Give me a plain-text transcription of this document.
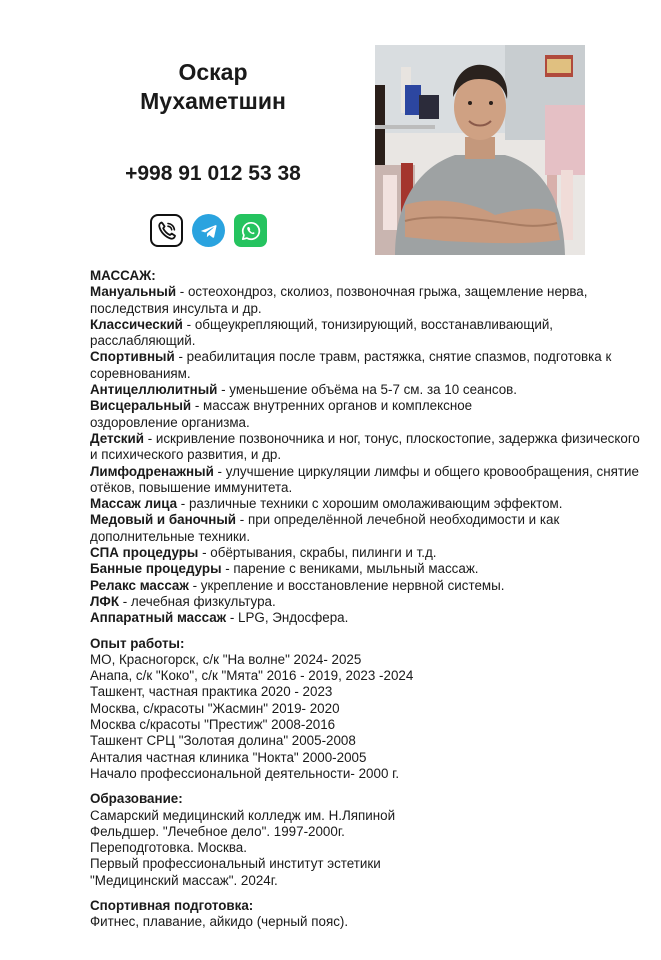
Оскар
Мухаметшин
+998 91 012 53 38
МАССАЖ:
Мануальный - остеохондроз, сколиоз, позвоночная грыжа, защемление нерва, последствия инсульта и др.
Классический - общеукрепляющий, тонизирующий, восстанавливающий, расслабляющий.
Спортивный - реабилитация после травм, растяжка, снятие спазмов, подготовка к соревнованиям.
Антицеллюлитный - уменьшение объёма на 5-7 см. за 10 сеансов.
Висцеральный - массаж внутренних органов и комплексное оздоровление организма.
Детский - искривление позвоночника и ног, тонус, плоскостопие, задержка физического и психического развития, и др.
Лимфодренажный - улучшение циркуляции лимфы и общего кровообращения, снятие отёков, повышение иммунитета.
Массаж лица - различные техники с хорошим омолаживающим эффектом.
Медовый и баночный - при определённой лечебной необходимости и как дополнительные техники.
СПА процедуры - обёртывания, скрабы, пилинги и т.д.
Банные процедуры - парение с вениками, мыльный массаж.
Релакс массаж - укрепление и восстановление нервной системы.
ЛФК - лечебная физкультура.
Аппаратный массаж - LPG, Эндосфера.
Опыт работы:
МО, Красногорск, с/к "На волне" 2024- 2025
Анапа, с/к "Коко", с/к "Мята" 2016 - 2019, 2023 -2024
Ташкент, частная практика 2020 - 2023
Москва, с/красоты "Жасмин" 2019- 2020
Москва с/красоты "Престиж" 2008-2016
Ташкент СРЦ "Золотая долина" 2005-2008
Анталия частная клиника "Нокта" 2000-2005
Начало профессиональной деятельности- 2000 г.
Образование:
Самарский медицинский колледж им. Н.Ляпиной
Фельдшер. "Лечебное дело". 1997-2000г.
Переподготовка. Москва.
Первый профессиональный институт эстетики
"Медицинский массаж". 2024г.
Спортивная подготовка:
Фитнес, плавание, айкидо (черный пояс).
